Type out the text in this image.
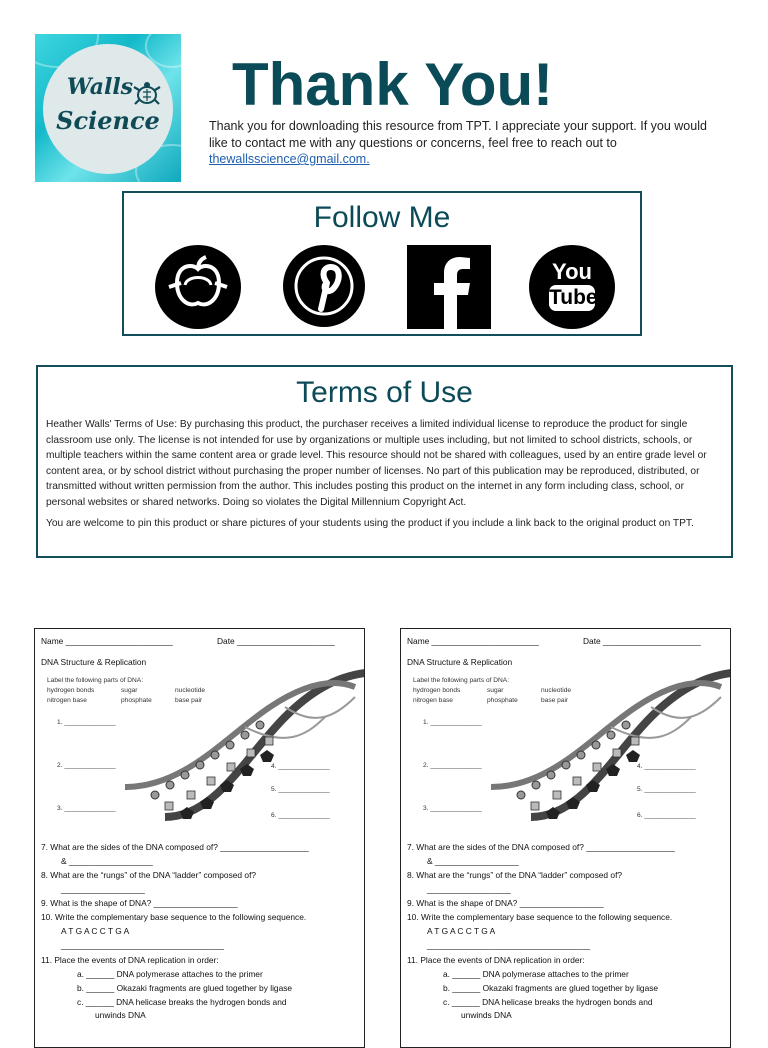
Walls
Science
Thank You!
Thank you for downloading this resource from TPT. I appreciate your support. If you would like to contact me with any questions or concerns, feel free to reach out to
thewallsscience@gmail.com.
Follow Me
You
Tube
Terms of Use
Heather Walls' Terms of Use: By purchasing this product, the purchaser receives a limited individual license to reproduce the product for single classroom use only. The license is not intended for use by organizations or multiple uses including, but not limited to school districts, schools, or multiple teachers within the same content area or grade level. This resource should not be shared with colleagues, used by an entire grade level or content area, or by school district without purchasing the proper number of licenses. No part of this publication may be reproduced, distributed, or transmitted without written permission from the author. This includes posting this product on the internet in any form including class, school, or personal websites or shared networks. Doing so violates the Digital Millennium Copyright Act.
You are welcome to pin this product or share pictures of your students using the product if you include a link back to the original product on TPT.
Name _______________________	Date _____________________
DNA Structure & Replication
Label the following parts of DNA:
hydrogen bonds	sugar	nucleotide
nitrogen base	phosphate	base pair
1. ______________
2. ______________
3. ______________
4. ______________
5. ______________
6. ______________
7. What are the sides of the DNA composed of? ___________________
& __________________
8. What are the “rungs” of the DNA “ladder” composed of?
__________________
9. What is the shape of DNA? __________________
10. Write the complementary base sequence to the following sequence.
A T G A C C T G A
___________________________________
11. Place the events of DNA replication in order:
a. ______ DNA polymerase attaches to the primer
b. ______ Okazaki fragments are glued together by ligase
c. ______ DNA helicase breaks the hydrogen bonds and
unwinds DNA
Name _______________________	Date _____________________
DNA Structure & Replication
Label the following parts of DNA:
hydrogen bonds	sugar	nucleotide
nitrogen base	phosphate	base pair
1. ______________
2. ______________
3. ______________
4. ______________
5. ______________
6. ______________
7. What are the sides of the DNA composed of? ___________________
& __________________
8. What are the “rungs” of the DNA “ladder” composed of?
__________________
9. What is the shape of DNA? __________________
10. Write the complementary base sequence to the following sequence.
A T G A C C T G A
___________________________________
11. Place the events of DNA replication in order:
a. ______ DNA polymerase attaches to the primer
b. ______ Okazaki fragments are glued together by ligase
c. ______ DNA helicase breaks the hydrogen bonds and
unwinds DNA
